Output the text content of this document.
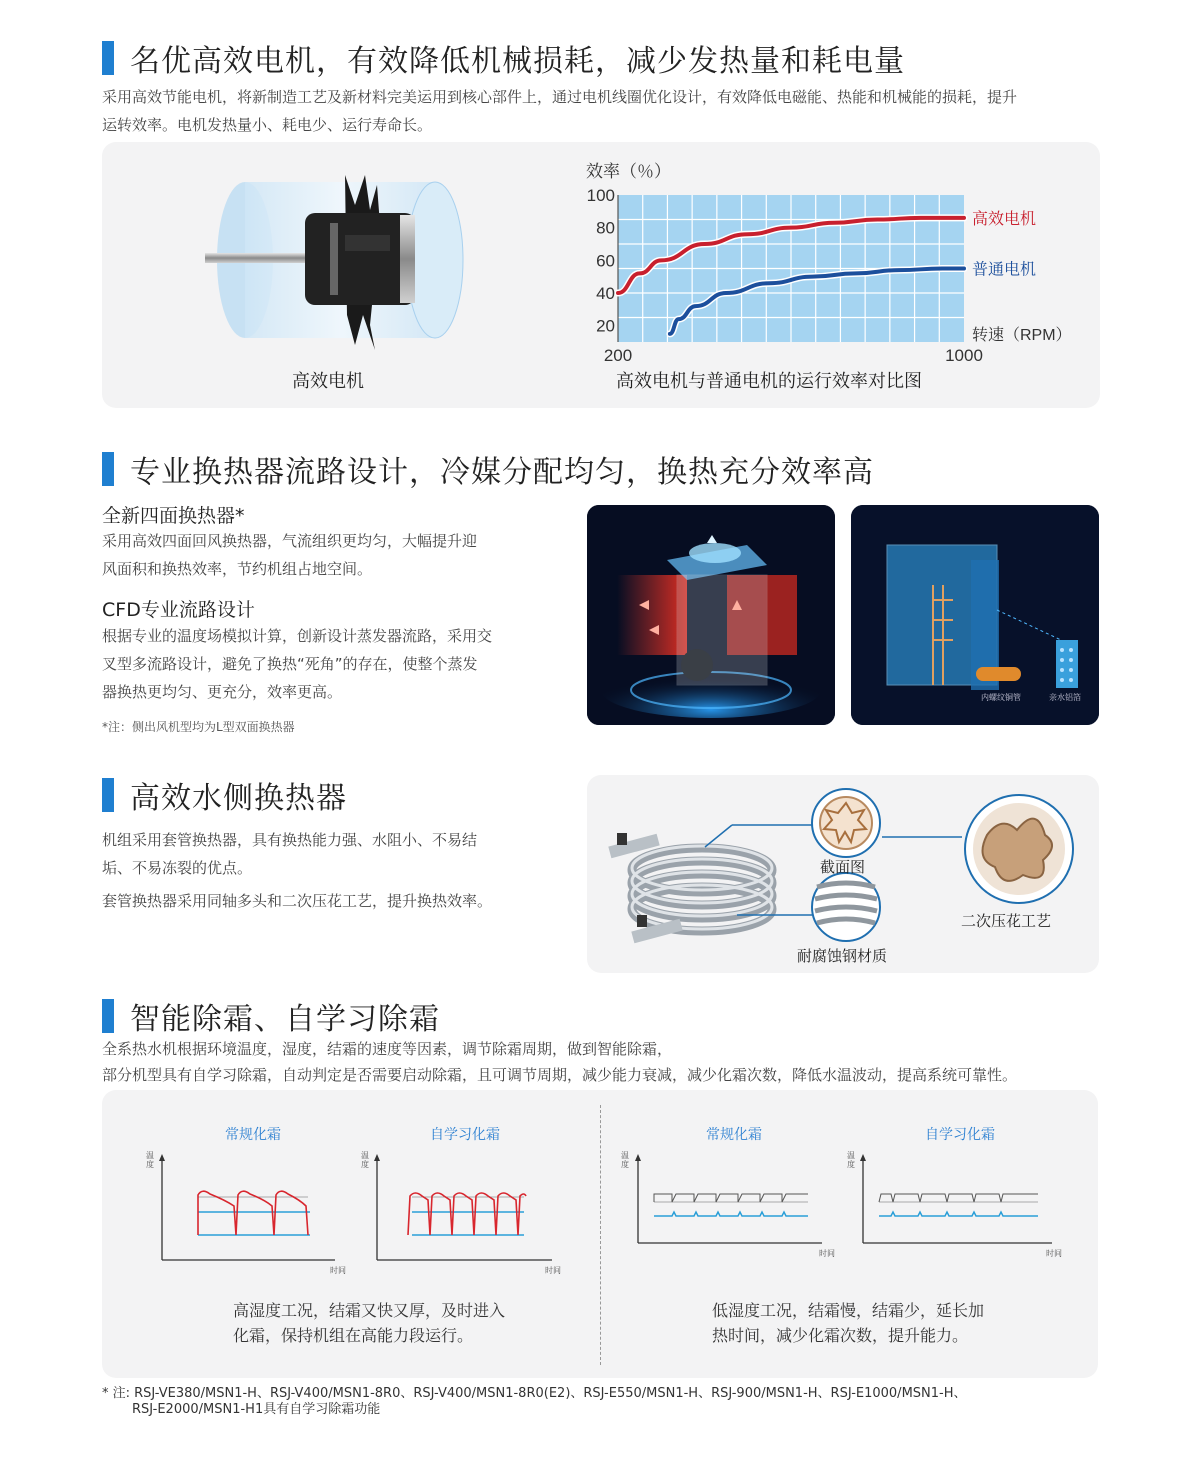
名优高效电机，有效降低机械损耗，减少发热量和耗电量
采用高效节能电机，将新制造工艺及新材料完美运用到核心部件上，通过电机线圈优化设计，有效降低电磁能、热能和机械能的损耗，提升
运转效率。电机发热量小、耗电少、运行寿命长。
高效电机
效率（％）
20
40
60
80
100
200	1000
高效电机
普通电机
转速（RPM）
高效电机与普通电机的运行效率对比图
专业换热器流路设计，冷媒分配均匀，换热充分效率高
全新四面换热器*
采用高效四面回风换热器，气流组织更均匀，大幅提升迎
风面积和换热效率，节约机组占地空间。
CFD专业流路设计
根据专业的温度场模拟计算，创新设计蒸发器流路，采用交
叉型多流路设计，避免了换热“死角”的存在，使整个蒸发
器换热更均匀、更充分，效率更高。
*注：侧出风机型均为L型双面换热器
内螺纹铜管	亲水铝箔
高效水侧换热器
机组采用套管换热器，具有换热能力强、水阻小、不易结
垢、不易冻裂的优点。
套管换热器采用同轴多头和二次压花工艺，提升换热效率。
截面图
耐腐蚀钢材质
二次压花工艺
智能除霜、自学习除霜
全系热水机根据环境温度，湿度，结霜的速度等因素，调节除霜周期，做到智能除霜，
部分机型具有自学习除霜，自动判定是否需要启动除霜，且可调节周期，减少能力衰减，减少化霜次数，降低水温波动，提高系统可靠性。
常规化霜	自学习化霜	常规化霜	自学习化霜
温度
温度
温度
温度
时间	时间
时间	时间
高湿度工况，结霜又快又厚，及时进入
化霜，保持机组在高能力段运行。
低湿度工况，结霜慢，结霜少，延长加
热时间，减少化霜次数，提升能力。
* 注: RSJ-VE380/MSN1-H、RSJ-V400/MSN1-8R0、RSJ-V400/MSN1-8R0(E2)、RSJ-E550/MSN1-H、RSJ-900/MSN1-H、RSJ-E1000/MSN1-H、
RSJ-E2000/MSN1-H1具有自学习除霜功能
